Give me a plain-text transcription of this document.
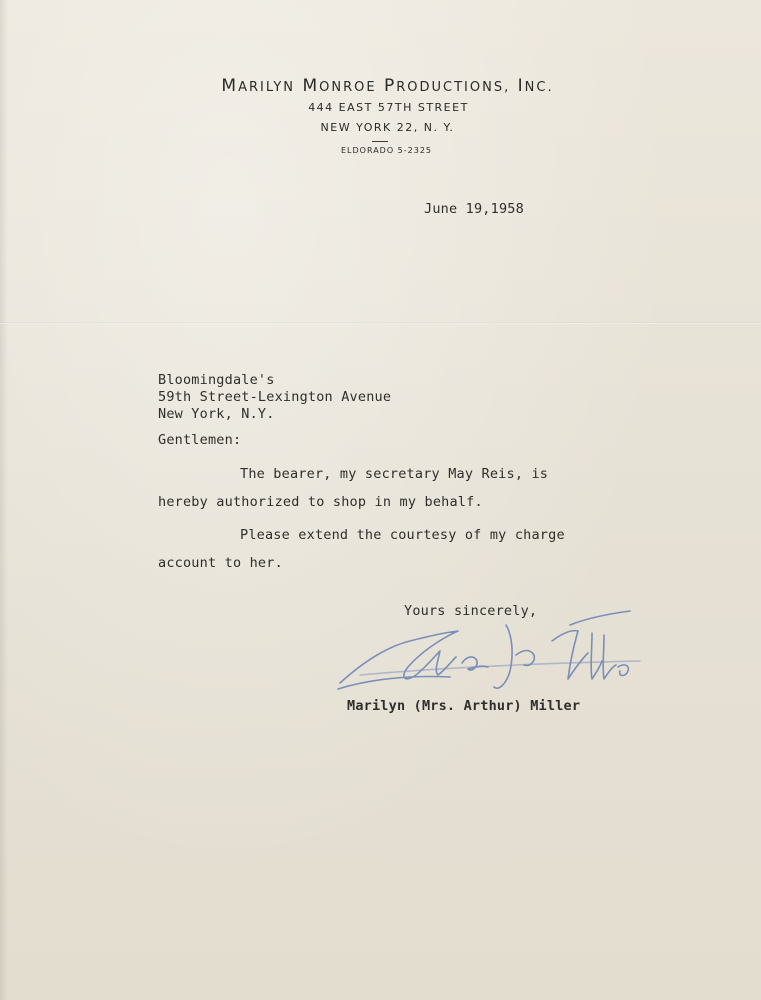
MARILYN MONROE PRODUCTIONS, INC.
444 EAST 57TH STREET
NEW YORK 22, N. Y.
ELDORADO 5-2325
June 19,1958
Bloomingdale's
59th Street-Lexington Avenue
New York, N.Y.
Gentlemen:
The bearer, my secretary May Reis, is
hereby authorized to shop in my behalf.
Please extend the courtesy of my charge
account to her.
Yours sincerely,
Marilyn (Mrs. Arthur) Miller
